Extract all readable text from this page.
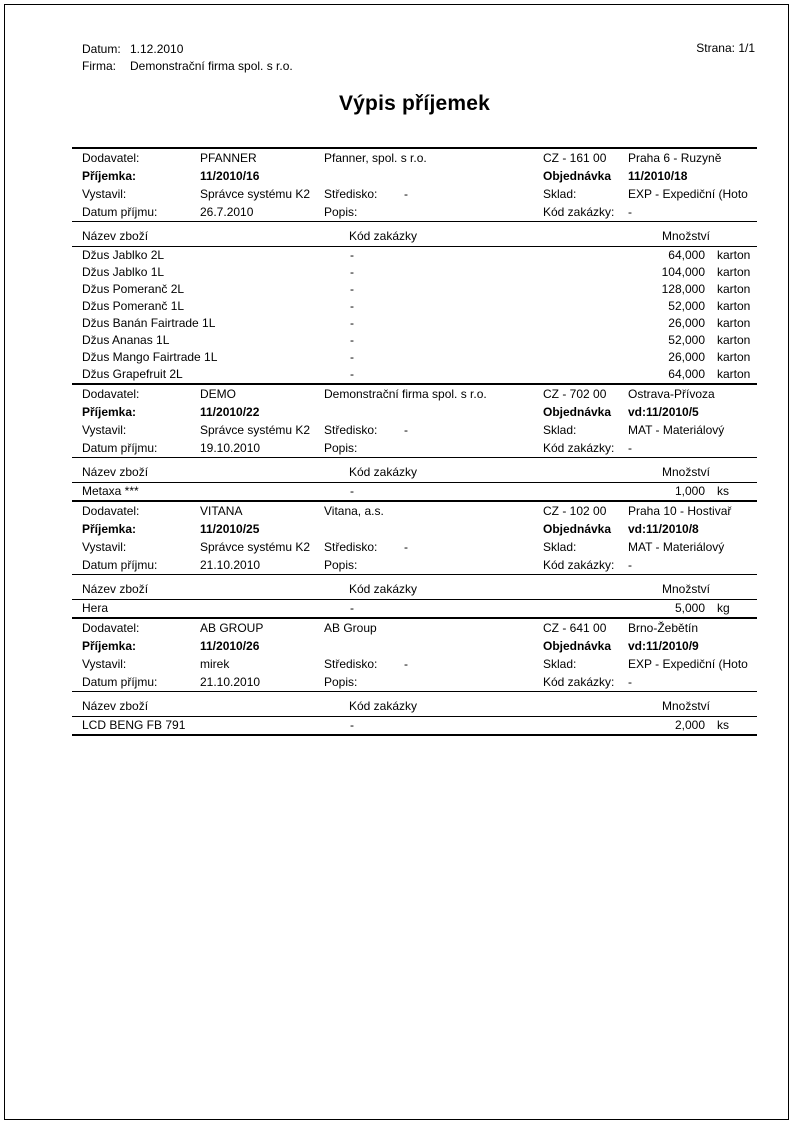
Datum: 1.12.2010
Firma: Demonstrační firma spol. s r.o.
Strana: 1/1
Výpis příjemek
Dodavatel:	PFANNER	Pfanner, spol. s r.o.	CZ - 161 00 Praha 6 - Ruzyně
Příjemka:	11/2010/16	Objednávka 11/2010/18
Vystavil:	Správce systému K2 Středisko: -	Sklad:	EXP - Expediční (Hoto
Datum příjmu:	26.7.2010	Popis:	Kód zakázky: -
Název zboží	Kód zakázky	Množství
Džus Jablko 2L	-	64,000 karton
Džus Jablko 1L	-	104,000 karton
Džus Pomeranč 2L	-	128,000 karton
Džus Pomeranč 1L	-	52,000 karton
Džus Banán Fairtrade 1L	-	26,000 karton
Džus Ananas 1L	-	52,000 karton
Džus Mango Fairtrade 1L	-	26,000 karton
Džus Grapefruit 2L	-	64,000 karton
Dodavatel:	DEMO	Demonstrační firma spol. s r.o.	CZ - 702 00 Ostrava-Přívoza
Příjemka:	11/2010/22	Objednávka vd:11/2010/5
Vystavil:	Správce systému K2 Středisko: -	Sklad:	MAT - Materiálový
Datum příjmu:	19.10.2010	Popis:	Kód zakázky: -
Název zboží	Kód zakázky	Množství
Metaxa ***	-	1,000 ks
Dodavatel:	VITANA	Vitana, a.s.	CZ - 102 00 Praha 10 - Hostivař
Příjemka:	11/2010/25	Objednávka vd:11/2010/8
Vystavil:	Správce systému K2 Středisko: -	Sklad:	MAT - Materiálový
Datum příjmu:	21.10.2010	Popis:	Kód zakázky: -
Název zboží	Kód zakázky	Množství
Hera	-	5,000 kg
Dodavatel:	AB GROUP	AB Group	CZ - 641 00 Brno-Žebětín
Příjemka:	11/2010/26	Objednávka vd:11/2010/9
Vystavil:	mirek	Středisko: -	Sklad:	EXP - Expediční (Hoto
Datum příjmu:	21.10.2010	Popis:	Kód zakázky: -
Název zboží	Kód zakázky	Množství
LCD BENG FB 791	-	2,000 ks
